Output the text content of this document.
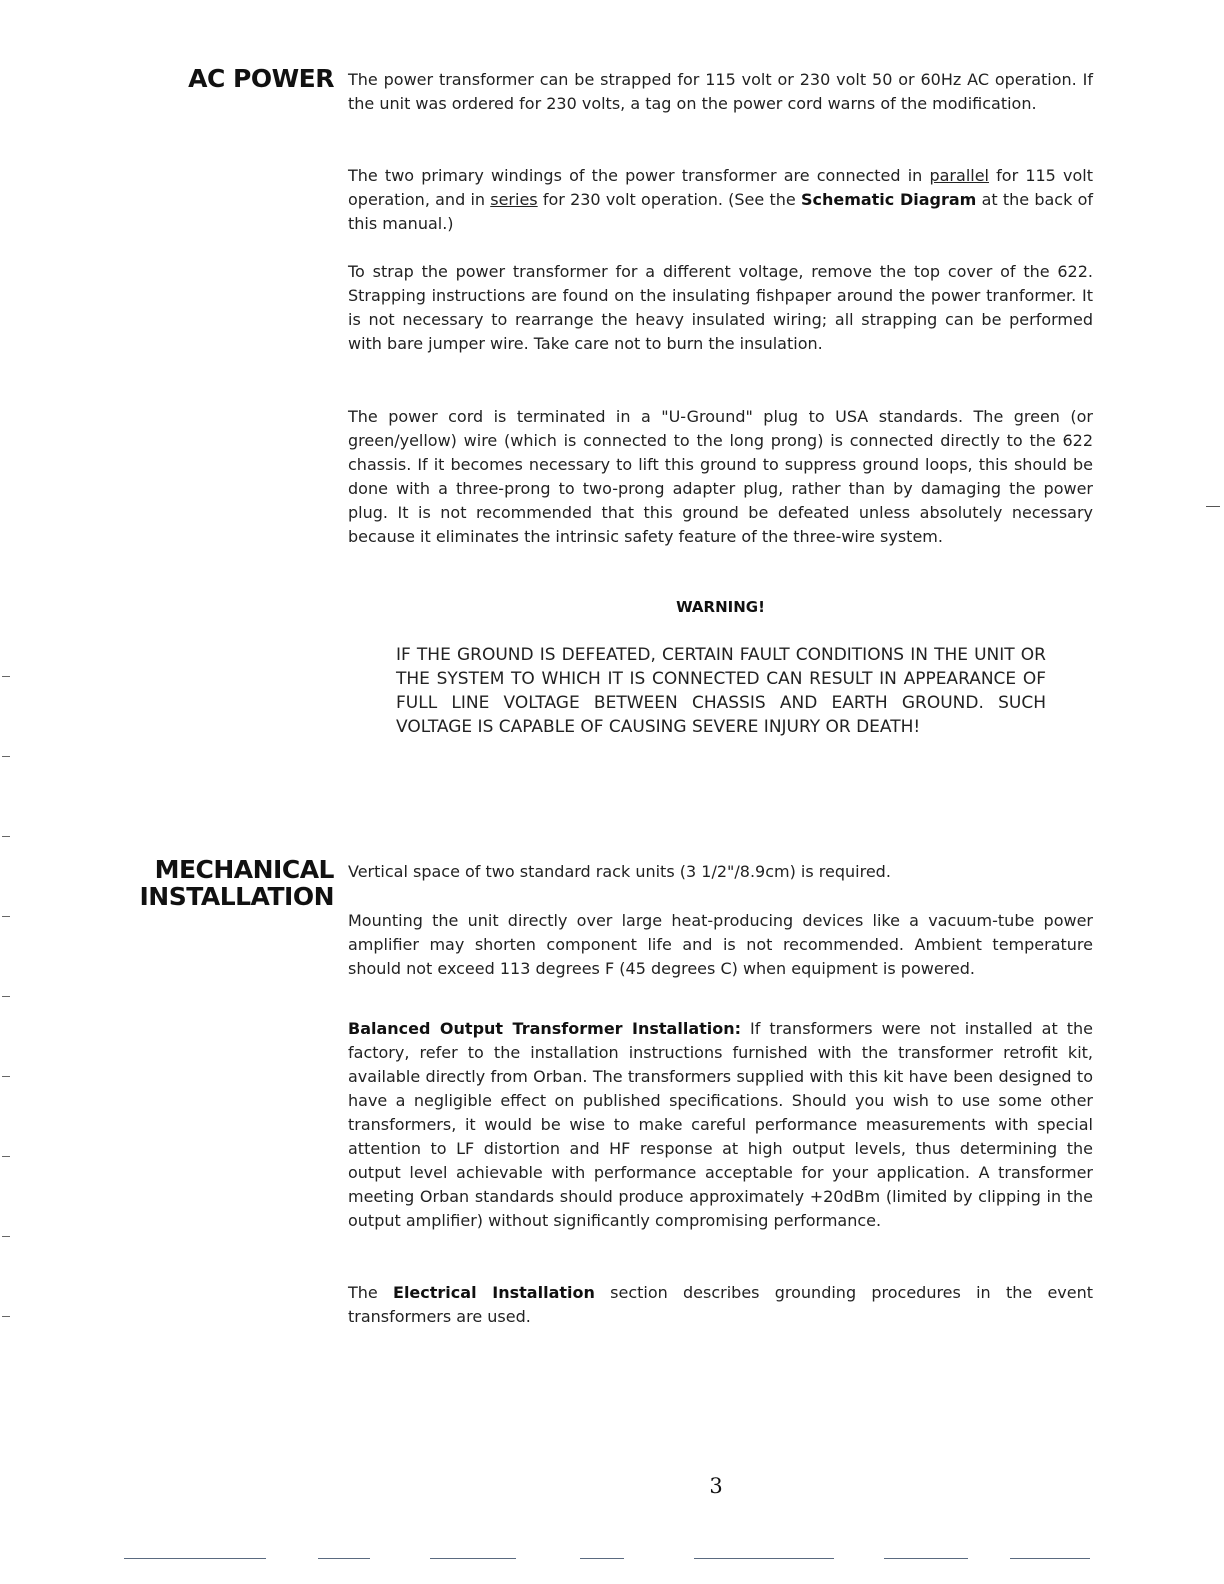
AC POWER The power transformer can be strapped for 115 volt or 230 volt 50 or 60Hz AC operation. If the unit was ordered for 230 volts, a tag on the power cord warns of the modification.

The two primary windings of the power transformer are connected in parallel for 115 volt operation, and in series for 230 volt operation. (See the Schematic Diagram at the back of this manual.)

To strap the power transformer for a different voltage, remove the top cover of the 622. Strapping instructions are found on the insulating fishpaper around the power tranformer. It is not necessary to rearrange the heavy insulated wiring; all strapping can be performed with bare jumper wire. Take care not to burn the insulation.

The power cord is terminated in a "U-Ground" plug to USA standards. The green (or green/yellow) wire (which is connected to the long prong) is connected directly to the 622 chassis. If it becomes necessary to lift this ground to suppress ground loops, this should be done with a three-prong to two-prong adapter plug, rather than by damaging the power plug. It is not recommended that this ground be defeated unless absolutely necessary because it eliminates the intrinsic safety feature of the three-wire system.

WARNING!

IF THE GROUND IS DEFEATED, CERTAIN FAULT CONDITIONS IN THE UNIT OR THE SYSTEM TO WHICH IT IS CONNECTED CAN RESULT IN APPEARANCE OF FULL LINE VOLTAGE BETWEEN CHASSIS AND EARTH GROUND. SUCH VOLTAGE IS CAPABLE OF CAUSING SEVERE INJURY OR DEATH!

MECHANICAL
INSTALLATION

Vertical space of two standard rack units (3 1/2"/8.9cm) is required.

Mounting the unit directly over large heat-producing devices like a vacuum-tube power amplifier may shorten component life and is not recommended. Ambient temperature should not exceed 113 degrees F (45 degrees C) when equipment is powered.

Balanced Output Transformer Installation: If transformers were not installed at the factory, refer to the installation instructions furnished with the transformer retrofit kit, available directly from Orban. The transformers supplied with this kit have been designed to have a negligible effect on published specifications. Should you wish to use some other transformers, it would be wise to make careful performance measurements with special attention to LF distortion and HF response at high output levels, thus determining the output level achievable with performance acceptable for your application. A transformer meeting Orban standards should produce approximately +20dBm (limited by clipping in the output amplifier) without significantly compromising performance.

The Electrical Installation section describes grounding procedures in the event transformers are used.

3
